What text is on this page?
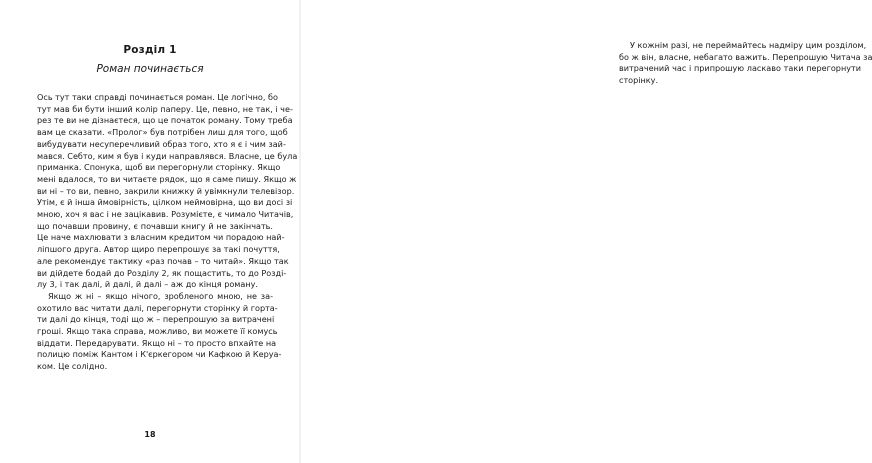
Розділ 1
Роман починається
Ось тут таки справді починається роман. Це логічно, бо
тут мав би бути інший колір паперу. Це, певно, не так, і че-
рез те ви не дізнаєтеся, що це початок роману. Тому треба
вам це сказати. «Пролог» був потрібен лиш для того, щоб
вибудувати несуперечливий образ того, хто я є і чим зай-
мався. Себто, ким я був і куди направлявся. Власне, це була
приманка. Спонука, щоб ви перегорнули сторінку. Якщо
мені вдалося, то ви читаєте рядок, що я саме пишу. Якщо ж
ви ні – то ви, певно, закрили книжку й увімкнули телевізор.
Утім, є й інша ймовірність, цілком неймовірна, що ви досі зі
мною, хоч я вас і не зацікавив. Розумієте, є чимало Читачів,
що почавши провину, є почавши книгу й не закінчать.
Це наче махлювати з власним кредитом чи порадою най-
ліпшого друга. Автор щиро перепрошує за такі почуття,
але рекомендує тактику «раз почав – то читай». Якщо так
ви дійдете бодай до Розділу 2, як пощастить, то до Розді-
лу 3, і так далі, й далі, й далі – аж до кінця роману.
Якщо ж ні – якщо нічого, зробленого мною, не за-
охотило вас читати далі, перегорнути сторінку й горта-
ти далі до кінця, тоді що ж – перепрошую за витрачені
гроші. Якщо така справа, можливо, ви можете її комусь
віддати. Передарувати. Якщо ні – то просто впхайте на
полицю поміж Кантом і К'єркегором чи Кафкою й Керуа-
ком. Це солідно.
18
У кожнім разі, не переймайтесь надміру цим розділом,
бо ж він, власне, небагато важить. Перепрошую Читача за
витрачений час і припрошую ласкаво таки перегорнути
сторінку.
